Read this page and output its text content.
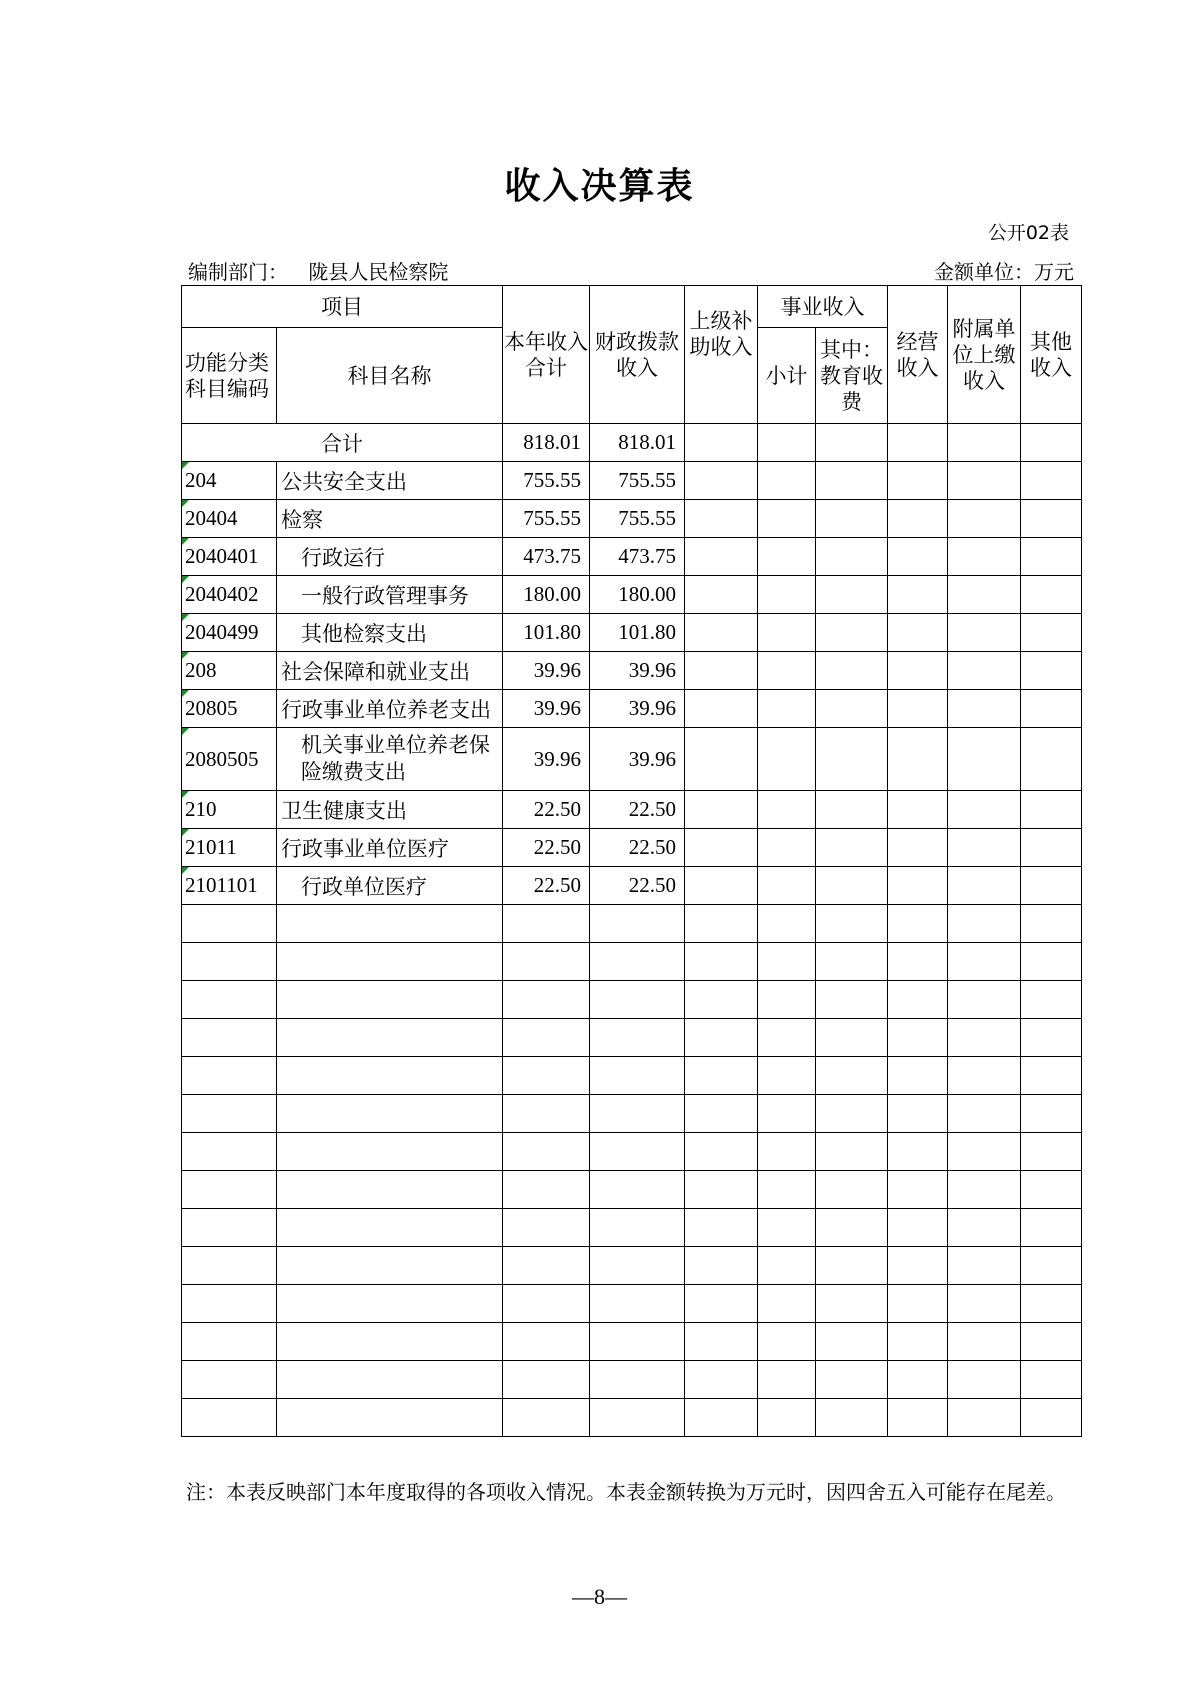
收入决算表
公开02表
编制部门： 陇县人民检察院	金额单位：万元
项目		本年收入合计	财政拨款收入	上级补助收入	事业收入		经营收入	附属单位上缴收入	其他收入
功能分类科目编码	科目名称				小计	其中：教育收费			

合计		818.01	818.01						
204	公共安全支出	755.55	755.55						
20404	检察	755.55	755.55						
2040401	行政运行	473.75	473.75						
2040402	一般行政管理事务	180.00	180.00						
2040499	其他检察支出	101.80	101.80						
208	社会保障和就业支出	39.96	39.96						
20805	行政事业单位养老支出	39.96	39.96						
2080505	机关事业单位养老保险缴费支出	39.96	39.96						
210	卫生健康支出	22.50	22.50						
21011	行政事业单位医疗	22.50	22.50						
2101101	行政单位医疗	22.50	22.50						

注：本表反映部门本年度取得的各项收入情况。本表金额转换为万元时，因四舍五入可能存在尾差。
—8—
